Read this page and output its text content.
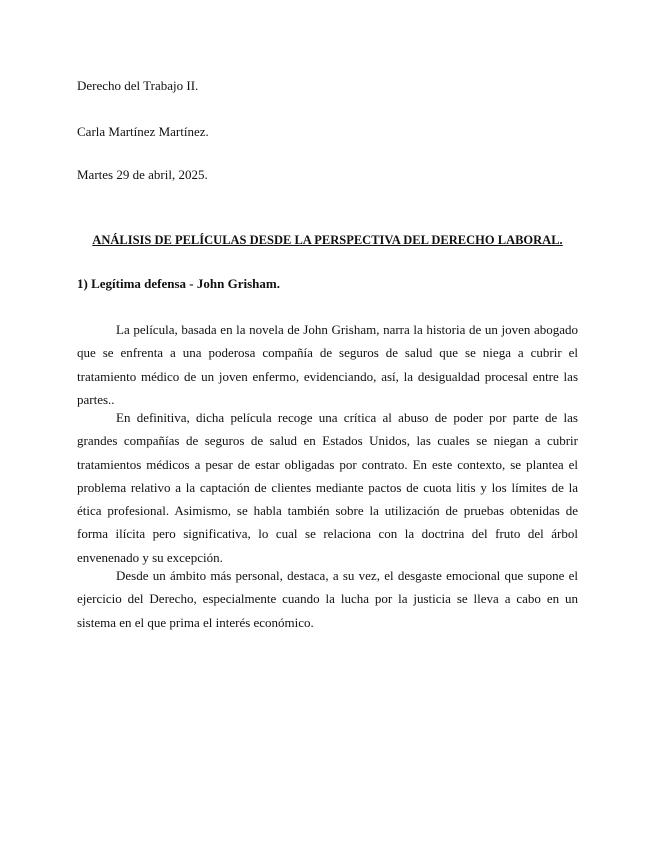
Derecho del Trabajo II.
Carla Martínez Martínez.
Martes 29 de abril, 2025.
ANÁLISIS DE PELÍCULAS DESDE LA PERSPECTIVA DEL DERECHO LABORAL.
1) Legítima defensa - John Grisham.

La película, basada en la novela de John Grisham, narra la historia de un joven abogado que se enfrenta a una poderosa compañía de seguros de salud que se niega a cubrir el tratamiento médico de un joven enfermo, evidenciando, así, la desigualdad procesal entre las partes..

En definitiva, dicha película recoge una crítica al abuso de poder por parte de las grandes compañías de seguros de salud en Estados Unidos, las cuales se niegan a cubrir tratamientos médicos a pesar de estar obligadas por contrato. En este contexto, se plantea el problema relativo a la captación de clientes mediante pactos de cuota litis y los límites de la ética profesional. Asimismo, se habla también sobre la utilización de pruebas obtenidas de forma ilícita pero significativa, lo cual se relaciona con la doctrina del fruto del árbol envenenado y su excepción.

Desde un ámbito más personal, destaca, a su vez, el desgaste emocional que supone el ejercicio del Derecho, especialmente cuando la lucha por la justicia se lleva a cabo en un sistema en el que prima el interés económico.
